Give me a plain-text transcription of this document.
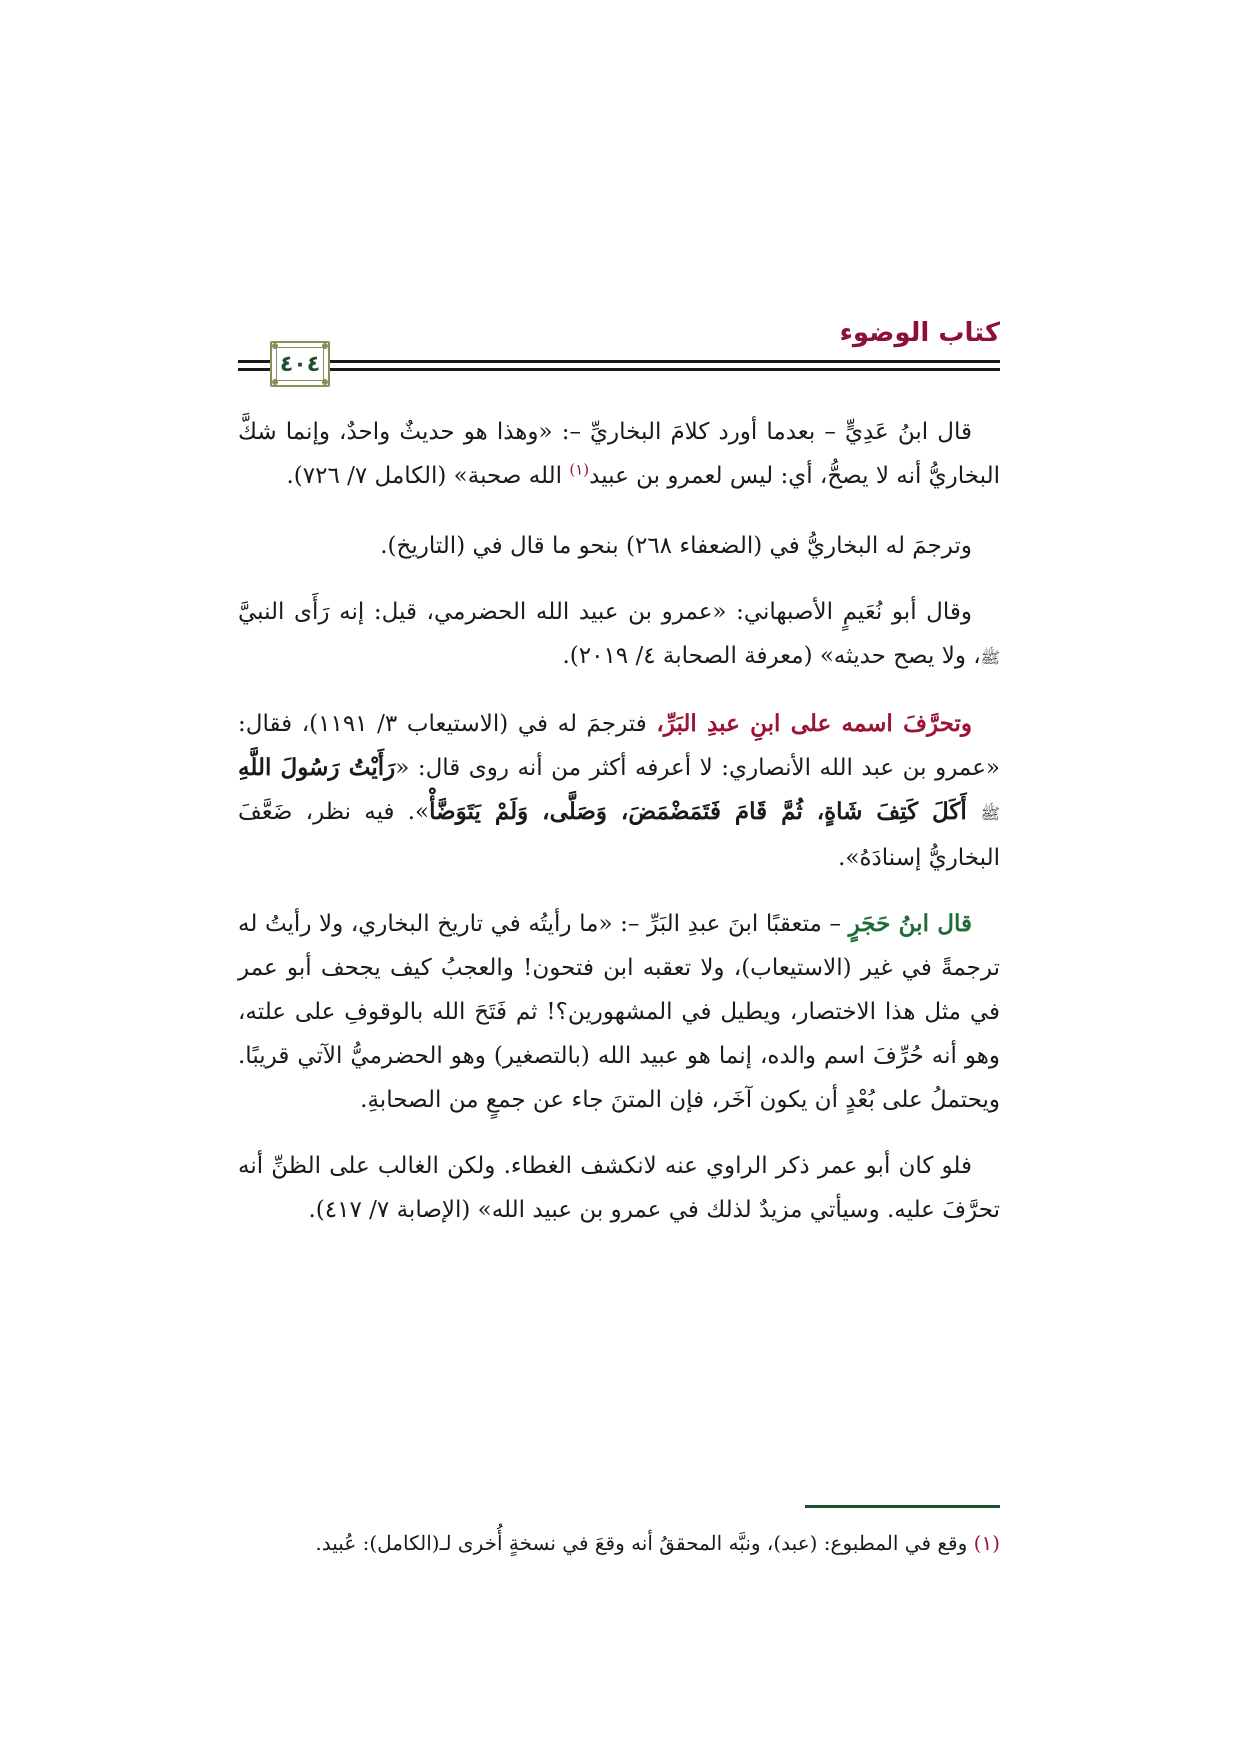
كتاب الوضوء
٤٠٤

قال ابنُ عَدِيٍّ – بعدما أورد كلامَ البخاريِّ –: «وهذا هو حديثٌ واحدٌ، وإنما شكَّ البخاريُّ أنه لا يصحُّ، أي: ليس لعمرو بن عبيد$^{(١)}$ الله صحبة» (الكامل ٧/ ٧٢٦).

وترجمَ له البخاريُّ في (الضعفاء ٢٦٨) بنحو ما قال في (التاريخ).

وقال أبو نُعَيمٍ الأصبهاني: «عمرو بن عبيد الله الحضرمي، قيل: إنه رَأَى النبيَّ ﷺ، ولا يصح حديثه» (معرفة الصحابة ٤/ ٢٠١٩).

وتحرَّفَ اسمه على ابنِ عبدِ البَرِّ، فترجمَ له في (الاستيعاب ٣/ ١١٩١)، فقال: «عمرو بن عبد الله الأنصاري: لا أعرفه أكثر من أنه روى قال: «رَأَيْتُ رَسُولَ اللَّهِ ﷺ أَكَلَ كَتِفَ شَاةٍ، ثُمَّ قَامَ فَتَمَضْمَضَ، وَصَلَّى، وَلَمْ يَتَوَضَّأْ». فيه نظر، ضَعَّفَ البخاريُّ إسنادَهُ».

قال ابنُ حَجَرٍ – متعقبًا ابنَ عبدِ البَرِّ –: «ما رأيتُه في تاريخ البخاري، ولا رأيتُ له ترجمةً في غير (الاستيعاب)، ولا تعقبه ابن فتحون! والعجبُ كيف يجحف أبو عمر في مثل هذا الاختصار، ويطيل في المشهورين؟! ثم فَتَحَ الله بالوقوفِ على علته، وهو أنه حُرِّفَ اسم والده، إنما هو عبيد الله (بالتصغير) وهو الحضرميُّ الآتي قريبًا. ويحتملُ على بُعْدٍ أن يكون آخَر، فإن المتنَ جاء عن جمعٍ من الصحابةِ.

فلو كان أبو عمر ذكر الراوي عنه لانكشف الغطاء. ولكن الغالب على الظنِّ أنه تحرَّفَ عليه. وسيأتي مزيدٌ لذلك في عمرو بن عبيد الله» (الإصابة ٧/ ٤١٧).

(١) وقع في المطبوع: (عبد)، ونبَّه المحققُ أنه وقعَ في نسخةٍ أُخرى لـ(الكامل): عُبيد.
